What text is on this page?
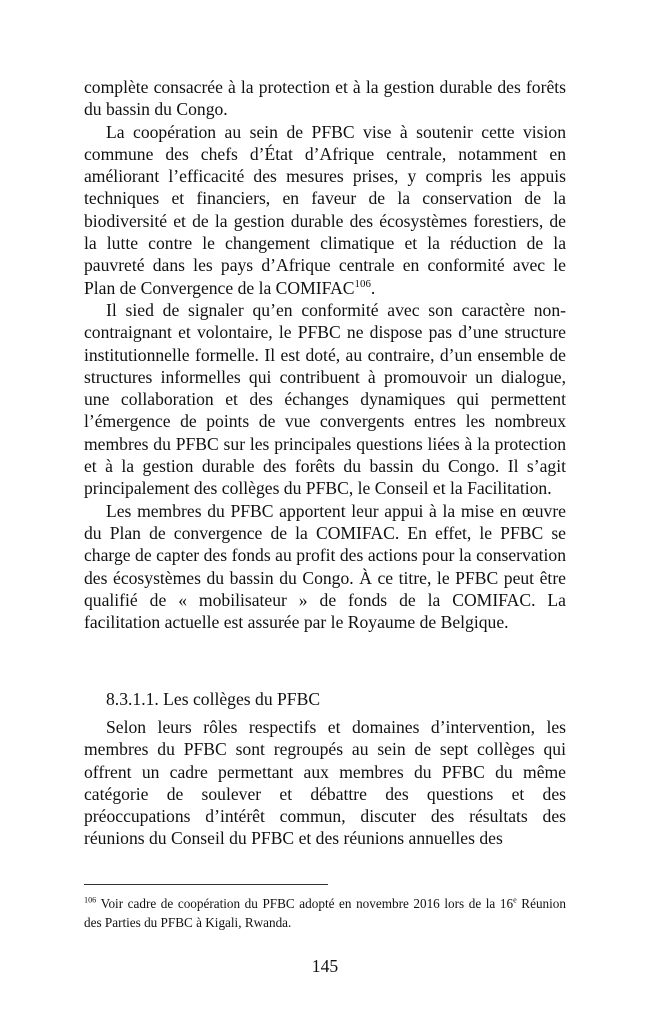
complète consacrée à la protection et à la gestion durable des forêts du bassin du Congo.

La coopération au sein de PFBC vise à soutenir cette vision commune des chefs d’État d’Afrique centrale, notamment en améliorant l’efficacité des mesures prises, y compris les appuis techniques et financiers, en faveur de la conservation de la biodiversité et de la gestion durable des écosystèmes forestiers, de la lutte contre le changement climatique et la réduction de la pauvreté dans les pays d’Afrique centrale en conformité avec le Plan de Convergence de la COMIFAC$^{106}$.

Il sied de signaler qu’en conformité avec son caractère non-contraignant et volontaire, le PFBC ne dispose pas d’une structure institutionnelle formelle. Il est doté, au contraire, d’un ensemble de structures informelles qui contribuent à promouvoir un dialogue, une collaboration et des échanges dynamiques qui permettent l’émergence de points de vue convergents entres les nombreux membres du PFBC sur les principales questions liées à la protection et à la gestion durable des forêts du bassin du Congo. Il s’agit principalement des collèges du PFBC, le Conseil et la Facilitation.

Les membres du PFBC apportent leur appui à la mise en œuvre du Plan de convergence de la COMIFAC. En effet, le PFBC se charge de capter des fonds au profit des actions pour la conservation des écosystèmes du bassin du Congo. À ce titre, le PFBC peut être qualifié de « mobilisateur » de fonds de la COMIFAC. La facilitation actuelle est assurée par le Royaume de Belgique.

8.3.1.1. Les collèges du PFBC

Selon leurs rôles respectifs et domaines d’intervention, les membres du PFBC sont regroupés au sein de sept collèges qui offrent un cadre permettant aux membres du PFBC du même catégorie de soulever et débattre des questions et des préoccupations d’intérêt commun, discuter des résultats des réunions du Conseil du PFBC et des réunions annuelles des

$^{106}$ Voir cadre de coopération du PFBC adopté en novembre 2016 lors de la 16e Réunion des Parties du PFBC à Kigali, Rwanda.
145
